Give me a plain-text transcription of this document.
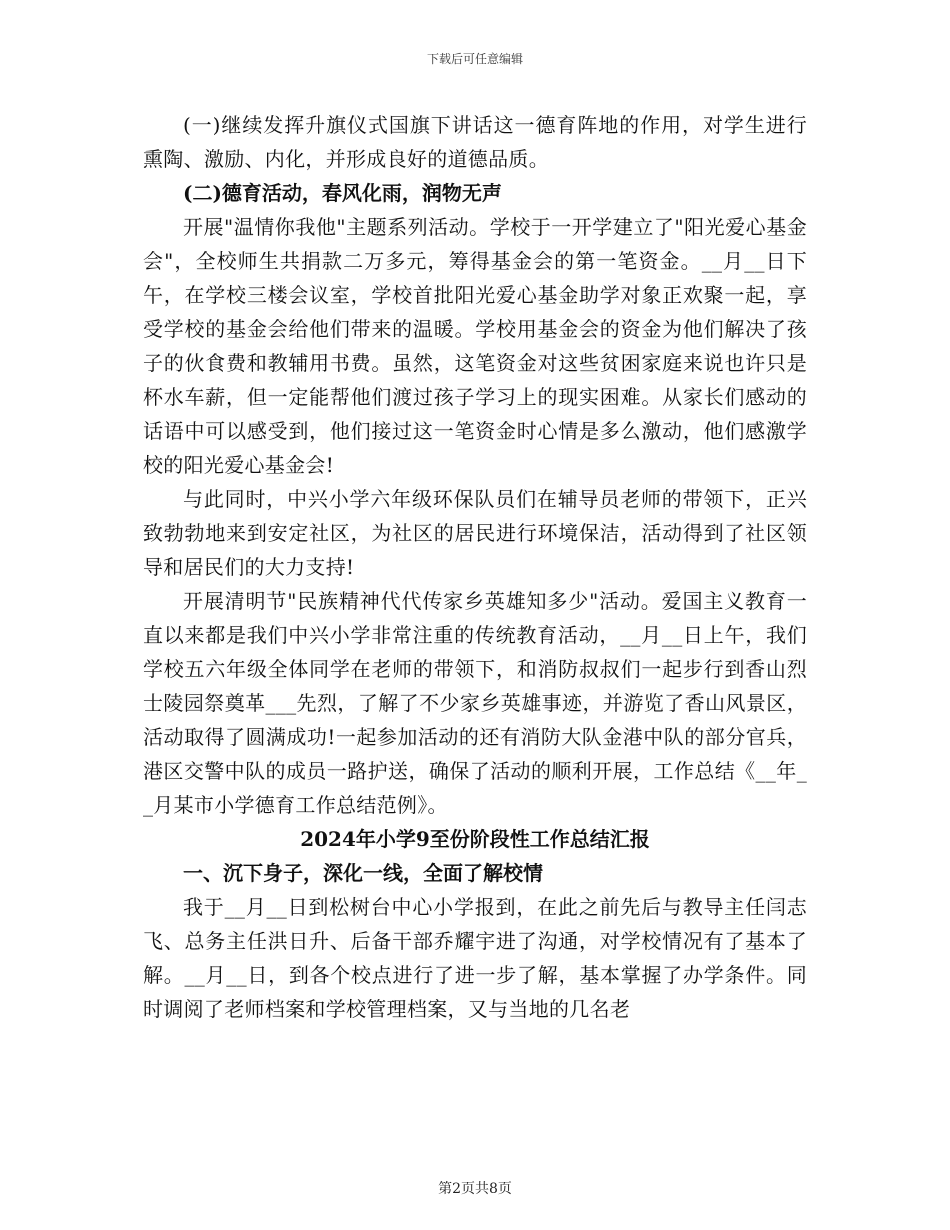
下载后可任意编辑

(一)继续发挥升旗仪式国旗下讲话这一德育阵地的作用，对学生进行熏陶、激励、内化，并形成良好的道德品质。

(二)德育活动，春风化雨，润物无声

开展"温情你我他"主题系列活动。学校于一开学建立了"阳光爱心基金会"，全校师生共捐款二万多元，筹得基金会的第一笔资金。__月__日下午，在学校三楼会议室，学校首批阳光爱心基金助学对象正欢聚一起，享受学校的基金会给他们带来的温暖。学校用基金会的资金为他们解决了孩子的伙食费和教辅用书费。虽然，这笔资金对这些贫困家庭来说也许只是杯水车薪，但一定能帮他们渡过孩子学习上的现实困难。从家长们感动的话语中可以感受到，他们接过这一笔资金时心情是多么激动，他们感激学校的阳光爱心基金会!

与此同时，中兴小学六年级环保队员们在辅导员老师的带领下，正兴致勃勃地来到安定社区，为社区的居民进行环境保洁，活动得到了社区领导和居民们的大力支持!

开展清明节"民族精神代代传家乡英雄知多少"活动。爱国主义教育一直以来都是我们中兴小学非常注重的传统教育活动，__月__日上午，我们学校五六年级全体同学在老师的带领下，和消防叔叔们一起步行到香山烈士陵园祭奠革___先烈，了解了不少家乡英雄事迹，并游览了香山风景区，活动取得了圆满成功!一起参加活动的还有消防大队金港中队的部分官兵，港区交警中队的成员一路护送，确保了活动的顺利开展，工作总结《__年__月某市小学德育工作总结范例》。

2024年小学9至份阶段性工作总结汇报

一、沉下身子，深化一线，全面了解校情

我于__月__日到松树台中心小学报到，在此之前先后与教导主任闫志飞、总务主任洪日升、后备干部乔耀宇进了沟通，对学校情况有了基本了解。__月__日，到各个校点进行了进一步了解，基本掌握了办学条件。同时调阅了老师档案和学校管理档案，又与当地的几名老

第2页共8页
